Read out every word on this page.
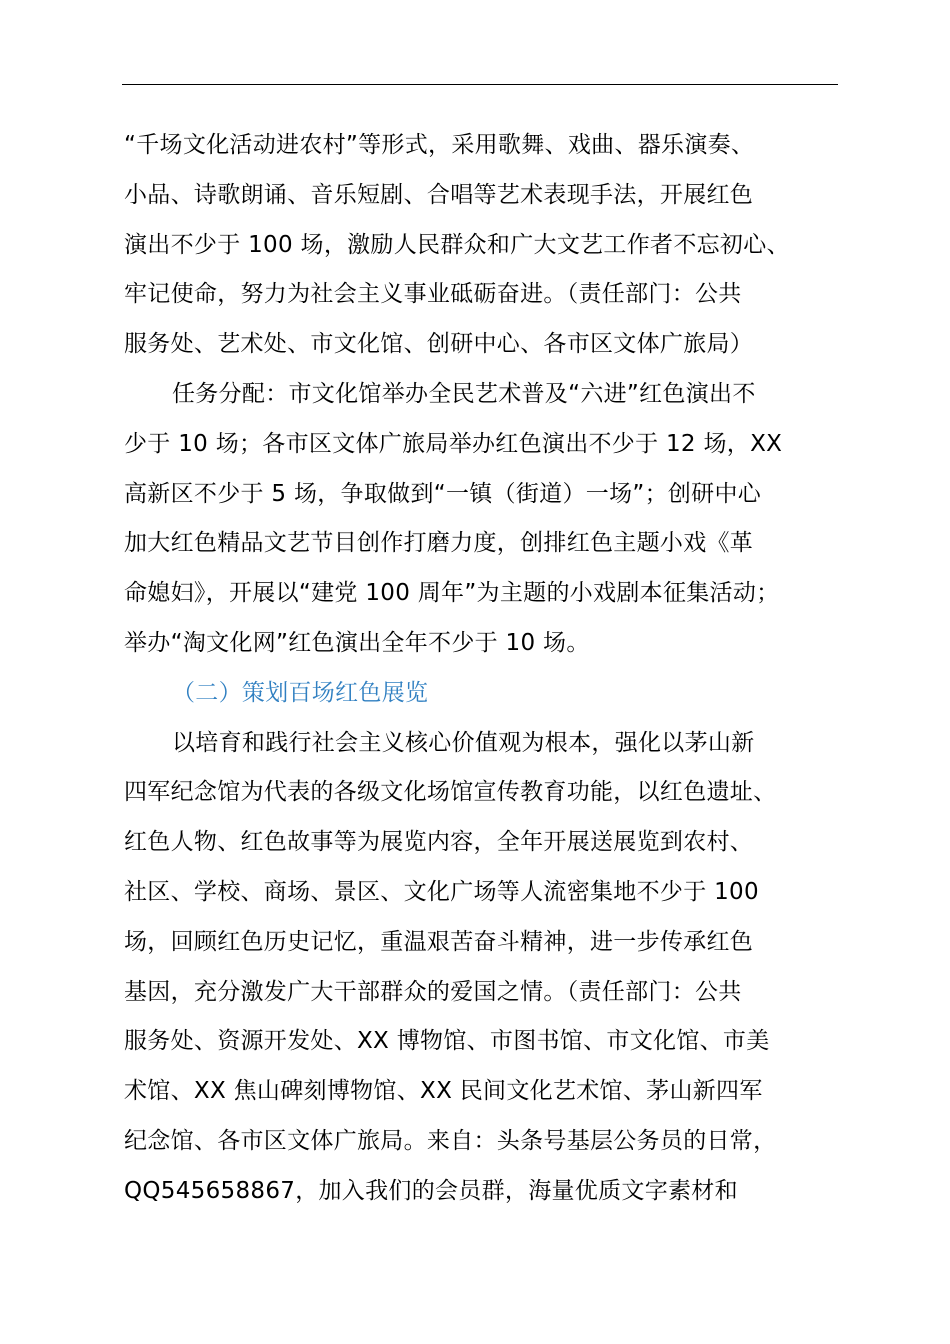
“千场文化活动进农村”等形式，采用歌舞、戏曲、器乐演奏、
小品、诗歌朗诵、音乐短剧、合唱等艺术表现手法，开展红色
演出不少于 100 场，激励人民群众和广大文艺工作者不忘初心、
牢记使命，努力为社会主义事业砥砺奋进。（责任部门：公共
服务处、艺术处、市文化馆、创研中心、各市区文体广旅局）

任务分配：市文化馆举办全民艺术普及“六进”红色演出不
少于 10 场；各市区文体广旅局举办红色演出不少于 12 场，XX
高新区不少于 5 场，争取做到“一镇（街道）一场”；创研中心
加大红色精品文艺节目创作打磨力度，创排红色主题小戏《革
命媳妇》，开展以“建党 100 周年”为主题的小戏剧本征集活动；
举办“淘文化网”红色演出全年不少于 10 场。

（二）策划百场红色展览

以培育和践行社会主义核心价值观为根本，强化以茅山新
四军纪念馆为代表的各级文化场馆宣传教育功能，以红色遗址、
红色人物、红色故事等为展览内容，全年开展送展览到农村、
社区、学校、商场、景区、文化广场等人流密集地不少于 100
场，回顾红色历史记忆，重温艰苦奋斗精神，进一步传承红色
基因，充分激发广大干部群众的爱国之情。（责任部门：公共
服务处、资源开发处、XX 博物馆、市图书馆、市文化馆、市美
术馆、XX 焦山碑刻博物馆、XX 民间文化艺术馆、茅山新四军
纪念馆、各市区文体广旅局。来自：头条号基层公务员的日常，
QQ545658867，加入我们的会员群，海量优质文字素材和
